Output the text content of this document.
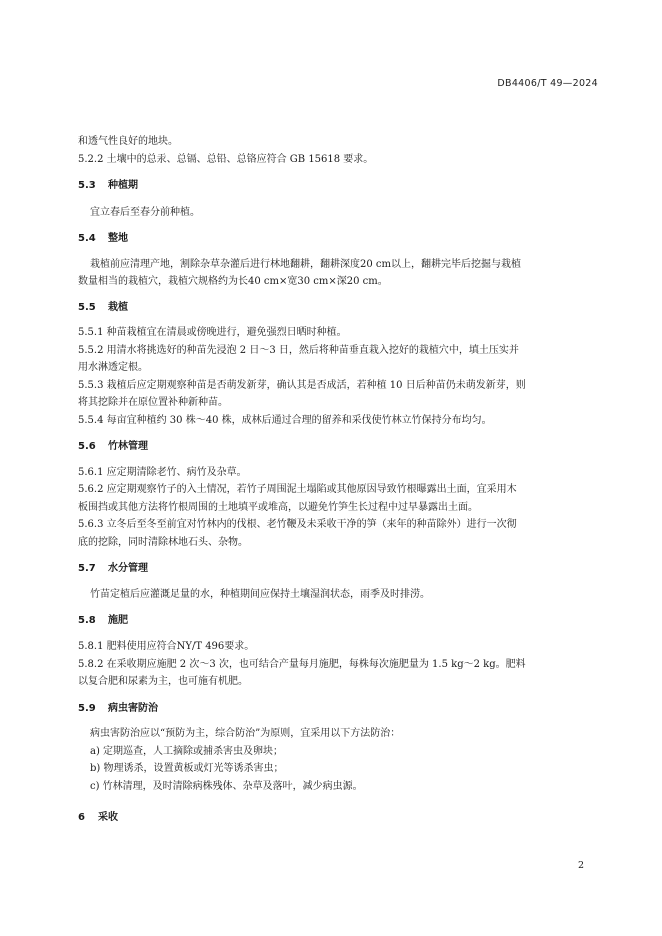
DB4406/T 49—2024
和透气性良好的地块。
5.2.2 土壤中的总汞、总镉、总铅、总铬应符合 GB 15618 要求。
5.3 种植期
宜立春后至春分前种植。
5.4 整地
栽植前应清理产地，割除杂草杂灌后进行林地翻耕，翻耕深度20 cm以上，翻耕完毕后挖掘与栽植
数量相当的栽植穴，栽植穴规格约为长40 cm×宽30 cm×深20 cm。
5.5 栽植
5.5.1 种苗栽植宜在清晨或傍晚进行，避免强烈日晒时种植。
5.5.2 用清水将挑选好的种苗先浸泡 2 日～3 日，然后将种苗垂直栽入挖好的栽植穴中，填土压实并
用水淋透定根。
5.5.3 栽植后应定期观察种苗是否萌发新芽，确认其是否成活，若种植 10 日后种苗仍未萌发新芽，则
将其挖除并在原位置补种新种苗。
5.5.4 每亩宜种植约 30 株～40 株，成林后通过合理的留养和采伐使竹林立竹保持分布均匀。
5.6 竹林管理
5.6.1 应定期清除老竹、病竹及杂草。
5.6.2 应定期观察竹子的入土情况，若竹子周围泥土塌陷或其他原因导致竹根曝露出土面，宜采用木
板围挡或其他方法将竹根周围的土地填平或堆高，以避免竹笋生长过程中过早暴露出土面。
5.6.3 立冬后至冬至前宜对竹林内的伐根、老竹鞭及未采收干净的笋（来年的种苗除外）进行一次彻
底的挖除，同时清除林地石头、杂物。
5.7 水分管理
竹苗定植后应灌溉足量的水，种植期间应保持土壤湿润状态，雨季及时排涝。
5.8 施肥
5.8.1 肥料使用应符合NY/T 496要求。
5.8.2 在采收期应施肥 2 次～3 次，也可结合产量每月施肥，每株每次施肥量为 1.5 kg～2 kg。肥料
以复合肥和尿素为主，也可施有机肥。
5.9 病虫害防治
病虫害防治应以“预防为主，综合防治”为原则，宜采用以下方法防治：
a) 定期巡查，人工摘除或捕杀害虫及卵块；
b) 物理诱杀，设置黄板或灯光等诱杀害虫；
c) 竹林清理，及时清除病株残体、杂草及落叶，减少病虫源。
6 采收
2
